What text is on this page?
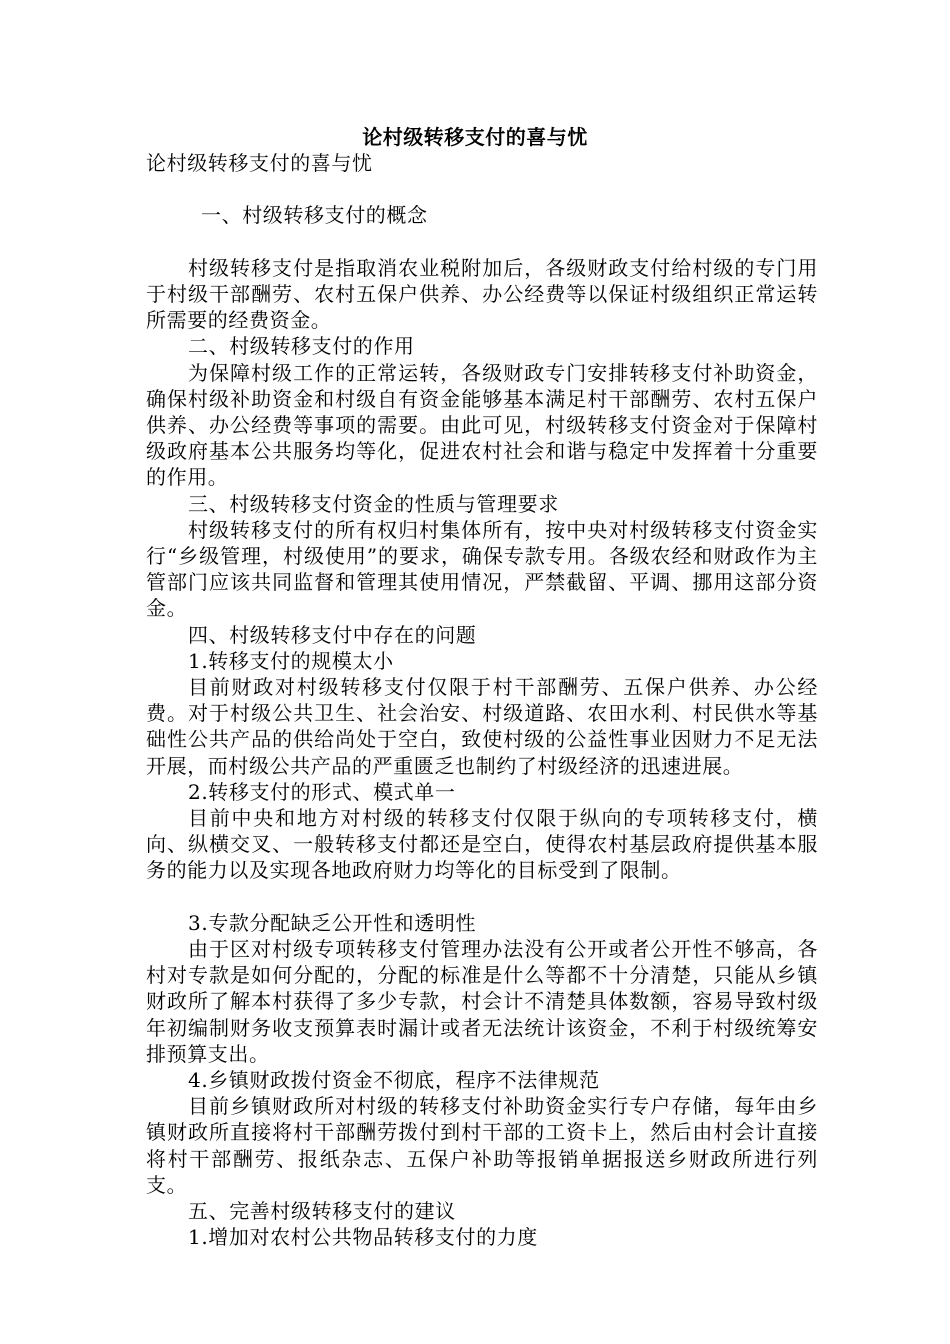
论村级转移支付的喜与忧

论村级转移支付的喜与忧

一、村级转移支付的概念

村级转移支付是指取消农业税附加后，各级财政支付给村级的专门用于村级干部酬劳、农村五保户供养、办公经费等以保证村级组织正常运转所需要的经费资金。

二、村级转移支付的作用

为保障村级工作的正常运转，各级财政专门安排转移支付补助资金，确保村级补助资金和村级自有资金能够基本满足村干部酬劳、农村五保户供养、办公经费等事项的需要。由此可见，村级转移支付资金对于保障村级政府基本公共服务均等化，促进农村社会和谐与稳定中发挥着十分重要的作用。

三、村级转移支付资金的性质与管理要求

村级转移支付的所有权归村集体所有，按中央对村级转移支付资金实行“乡级管理，村级使用”的要求，确保专款专用。各级农经和财政作为主管部门应该共同监督和管理其使用情况，严禁截留、平调、挪用这部分资金。

四、村级转移支付中存在的问题

1.转移支付的规模太小

目前财政对村级转移支付仅限于村干部酬劳、五保户供养、办公经费。对于村级公共卫生、社会治安、村级道路、农田水利、村民供水等基础性公共产品的供给尚处于空白，致使村级的公益性事业因财力不足无法开展，而村级公共产品的严重匮乏也制约了村级经济的迅速进展。

2.转移支付的形式、模式单一

目前中央和地方对村级的转移支付仅限于纵向的专项转移支付，横向、纵横交叉、一般转移支付都还是空白，使得农村基层政府提供基本服务的能力以及实现各地政府财力均等化的目标受到了限制。

3.专款分配缺乏公开性和透明性

由于区对村级专项转移支付管理办法没有公开或者公开性不够高，各村对专款是如何分配的，分配的标准是什么等都不十分清楚，只能从乡镇财政所了解本村获得了多少专款，村会计不清楚具体数额，容易导致村级年初编制财务收支预算表时漏计或者无法统计该资金，不利于村级统筹安排预算支出。

4.乡镇财政拨付资金不彻底，程序不法律规范

目前乡镇财政所对村级的转移支付补助资金实行专户存储，每年由乡镇财政所直接将村干部酬劳拨付到村干部的工资卡上，然后由村会计直接将村干部酬劳、报纸杂志、五保户补助等报销单据报送乡财政所进行列支。

五、完善村级转移支付的建议

1.增加对农村公共物品转移支付的力度
